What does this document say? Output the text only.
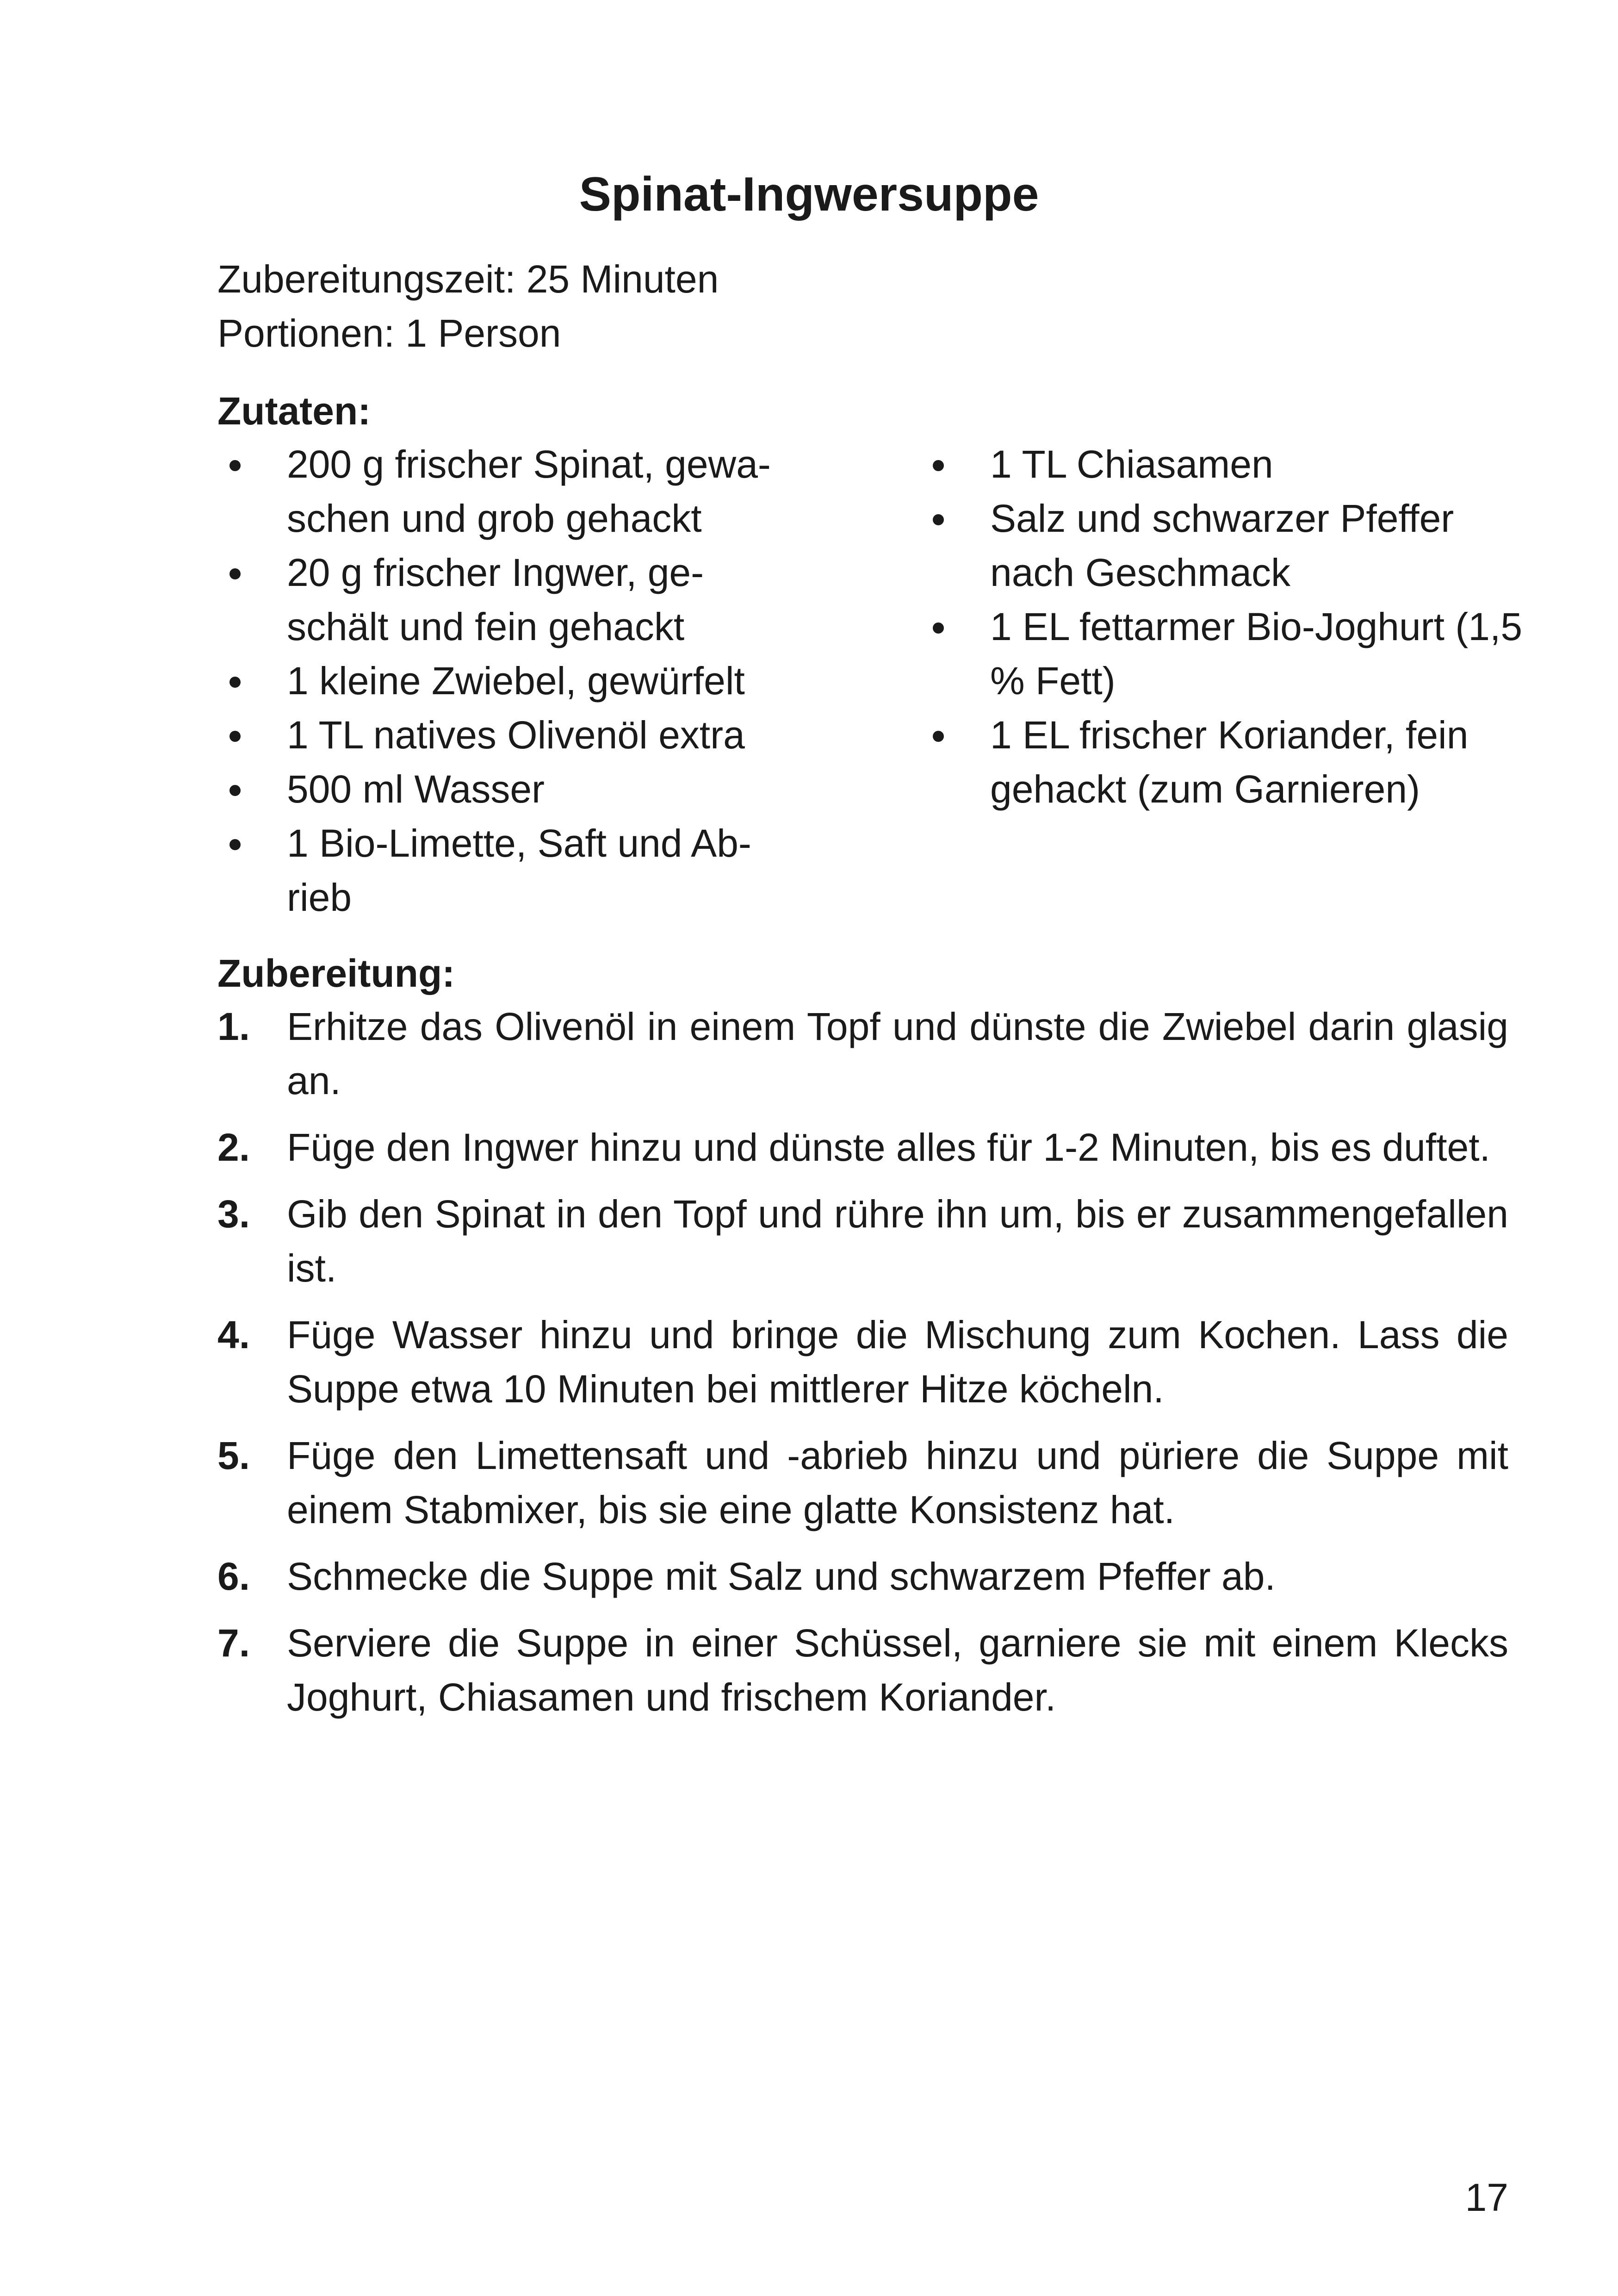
Spinat-Ingwersuppe
Zubereitungszeit: 25 Minuten
Portionen: 1 Person
Zutaten:
200 g frischer Spinat, gewa-schen und grob gehackt
20 g frischer Ingwer, ge-schält und fein gehackt
1 kleine Zwiebel, gewürfelt
1 TL natives Olivenöl extra
500 ml Wasser
1 Bio-Limette, Saft und Ab-rieb
1 TL Chiasamen
Salz und schwarzer Pfeffer nach Geschmack
1 EL fettarmer Bio-Joghurt (1,5 % Fett)
1 EL frischer Koriander, fein gehackt (zum Garnieren)
Zubereitung:
1. Erhitze das Olivenöl in einem Topf und dünste die Zwiebel darin glasig an.
2. Füge den Ingwer hinzu und dünste alles für 1-2 Minuten, bis es duftet.
3. Gib den Spinat in den Topf und rühre ihn um, bis er zusammengefallen ist.
4. Füge Wasser hinzu und bringe die Mischung zum Kochen. Lass die Suppe etwa 10 Minuten bei mittlerer Hitze köcheln.
5. Füge den Limettensaft und -abrieb hinzu und püriere die Suppe mit einem Stabmixer, bis sie eine glatte Konsistenz hat.
6. Schmecke die Suppe mit Salz und schwarzem Pfeffer ab.
7. Serviere die Suppe in einer Schüssel, garniere sie mit einem Klecks Joghurt, Chiasamen und frischem Koriander.
17
